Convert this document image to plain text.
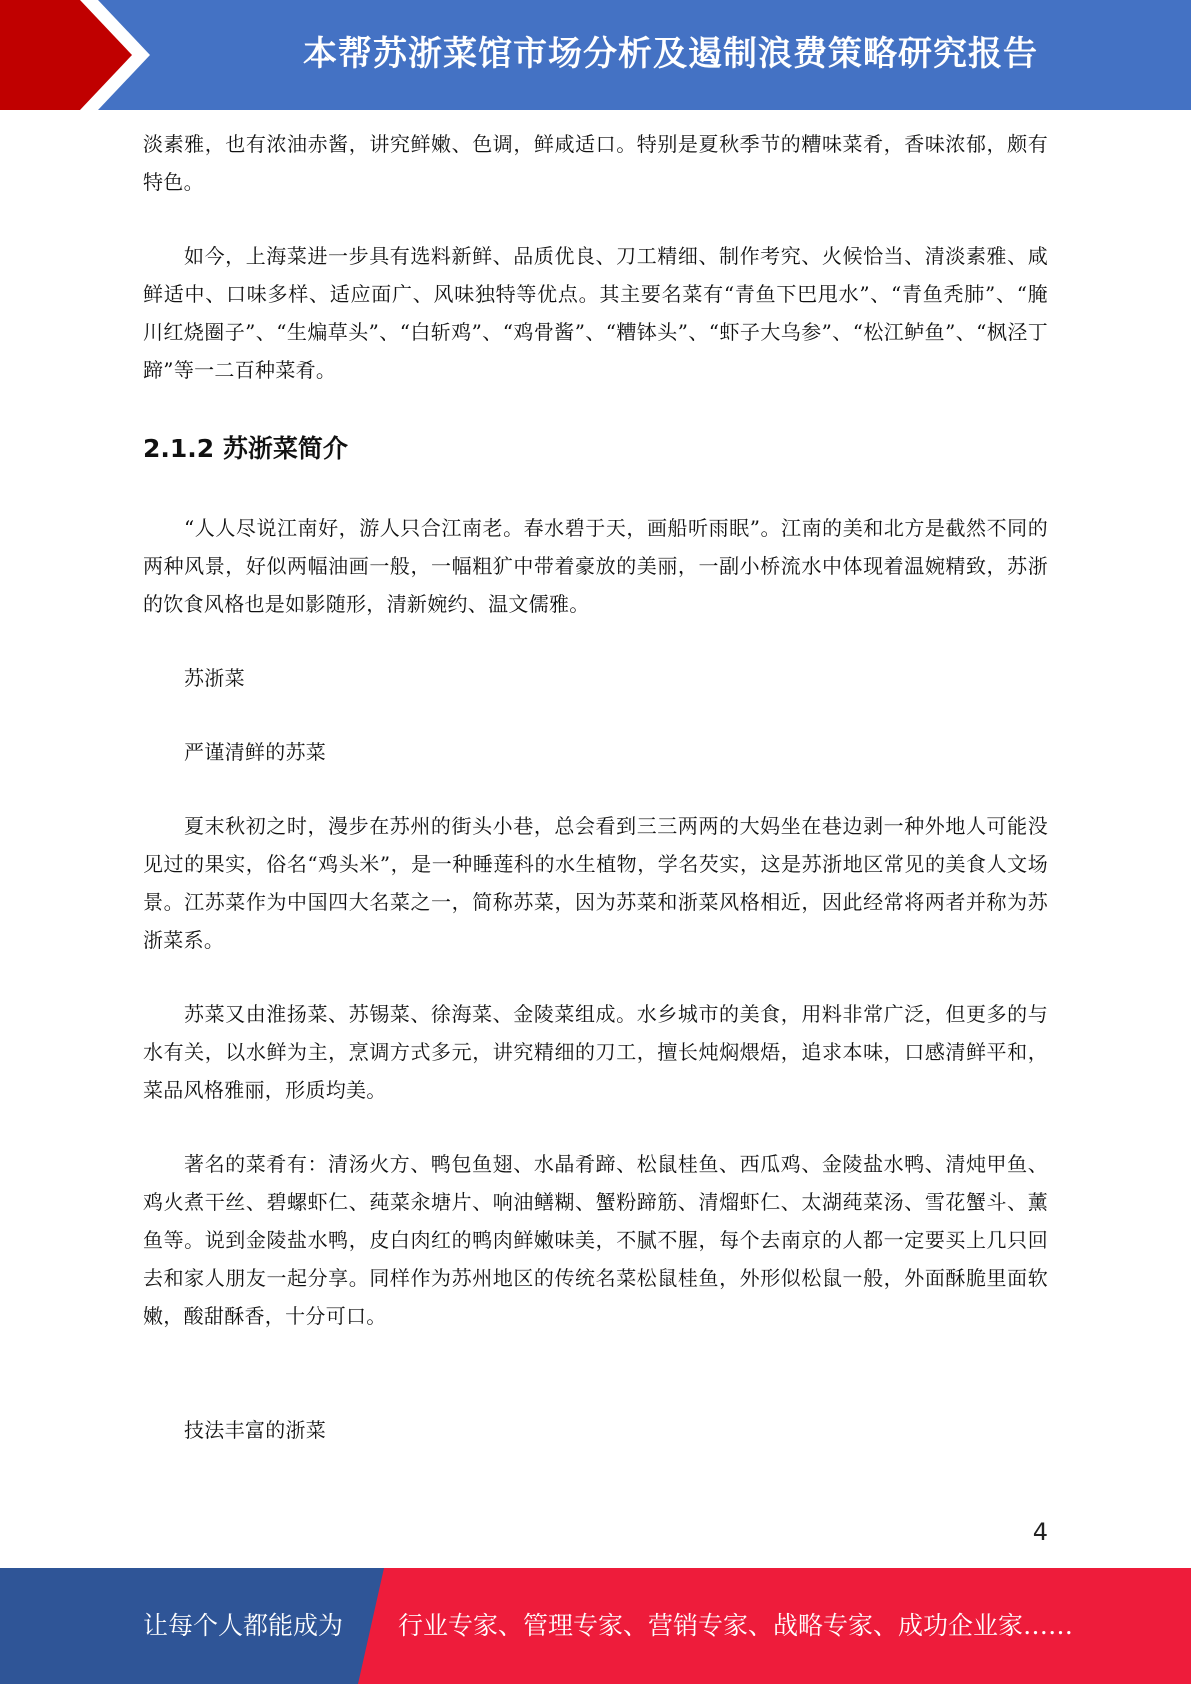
本帮苏浙菜馆市场分析及遏制浪费策略研究报告

淡素雅，也有浓油赤酱，讲究鲜嫩、色调，鲜咸适口。特别是夏秋季节的糟味菜肴，香味浓郁，颇有特色。

如今，上海菜进一步具有选料新鲜、品质优良、刀工精细、制作考究、火候恰当、清淡素雅、咸鲜适中、口味多样、适应面广、风味独特等优点。其主要名菜有“青鱼下巴甩水”、“青鱼秃肺”、“腌川红烧圈子”、“生煸草头”、“白斩鸡”、“鸡骨酱”、“糟钵头”、“虾子大乌参”、“松江鲈鱼”、“枫泾丁蹄”等一二百种菜肴。

2.1.2 苏浙菜简介

“人人尽说江南好，游人只合江南老。春水碧于天，画船听雨眠”。江南的美和北方是截然不同的两种风景，好似两幅油画一般，一幅粗犷中带着豪放的美丽，一副小桥流水中体现着温婉精致，苏浙的饮食风格也是如影随形，清新婉约、温文儒雅。

苏浙菜

严谨清鲜的苏菜

夏末秋初之时，漫步在苏州的街头小巷，总会看到三三两两的大妈坐在巷边剥一种外地人可能没见过的果实，俗名“鸡头米”，是一种睡莲科的水生植物，学名芡实，这是苏浙地区常见的美食人文场景。江苏菜作为中国四大名菜之一，简称苏菜，因为苏菜和浙菜风格相近，因此经常将两者并称为苏浙菜系。

苏菜又由淮扬菜、苏锡菜、徐海菜、金陵菜组成。水乡城市的美食，用料非常广泛，但更多的与水有关，以水鲜为主，烹调方式多元，讲究精细的刀工，擅长炖焖煨焐，追求本味，口感清鲜平和，菜品风格雅丽，形质均美。

著名的菜肴有：清汤火方、鸭包鱼翅、水晶肴蹄、松鼠桂鱼、西瓜鸡、金陵盐水鸭、清炖甲鱼、鸡火煮干丝、碧螺虾仁、莼菜汆塘片、响油鳝糊、蟹粉蹄筋、清熘虾仁、太湖莼菜汤、雪花蟹斗、薰鱼等。说到金陵盐水鸭，皮白肉红的鸭肉鲜嫩味美，不腻不腥，每个去南京的人都一定要买上几只回去和家人朋友一起分享。同样作为苏州地区的传统名菜松鼠桂鱼，外形似松鼠一般，外面酥脆里面软嫩，酸甜酥香，十分可口。

技法丰富的浙菜

4
让每个人都能成为 行业专家、管理专家、营销专家、战略专家、成功企业家……
